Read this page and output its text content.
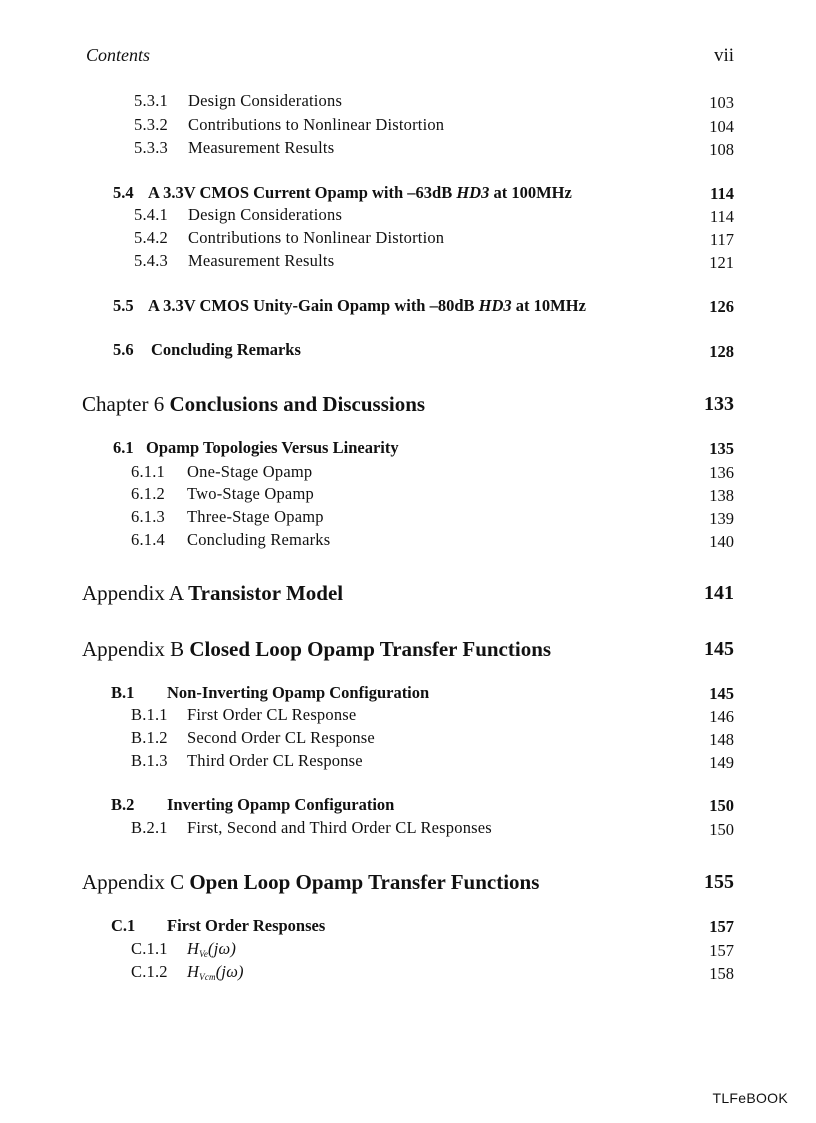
Contents	vii
5.3.1 Design Considerations	103
5.3.2 Contributions to Nonlinear Distortion	104
5.3.3 Measurement Results	108
5.4 A 3.3V CMOS Current Opamp with –63dB HD3 at 100MHz	114
5.4.1 Design Considerations	114
5.4.2 Contributions to Nonlinear Distortion	117
5.4.3 Measurement Results	121
5.5 A 3.3V CMOS Unity-Gain Opamp with –80dB HD3 at 10MHz	126
5.6 Concluding Remarks	128
Chapter 6 Conclusions and Discussions	133
6.1 Opamp Topologies Versus Linearity	135
6.1.1 One-Stage Opamp	136
6.1.2 Two-Stage Opamp	138
6.1.3 Three-Stage Opamp	139
6.1.4 Concluding Remarks	140
Appendix A Transistor Model	141
Appendix B Closed Loop Opamp Transfer Functions	145
B.1 Non-Inverting Opamp Configuration	145
B.1.1 First Order CL Response	146
B.1.2 Second Order CL Response	148
B.1.3 Third Order CL Response	149
B.2 Inverting Opamp Configuration	150
B.2.1 First, Second and Third Order CL Responses	150
Appendix C Open Loop Opamp Transfer Functions	155
C.1 First Order Responses	157
C.1.1 $H_{Ve}(j\omega)$	157
C.1.2 $H_{Vcm}(j\omega)$	158
TLFeBOOK
